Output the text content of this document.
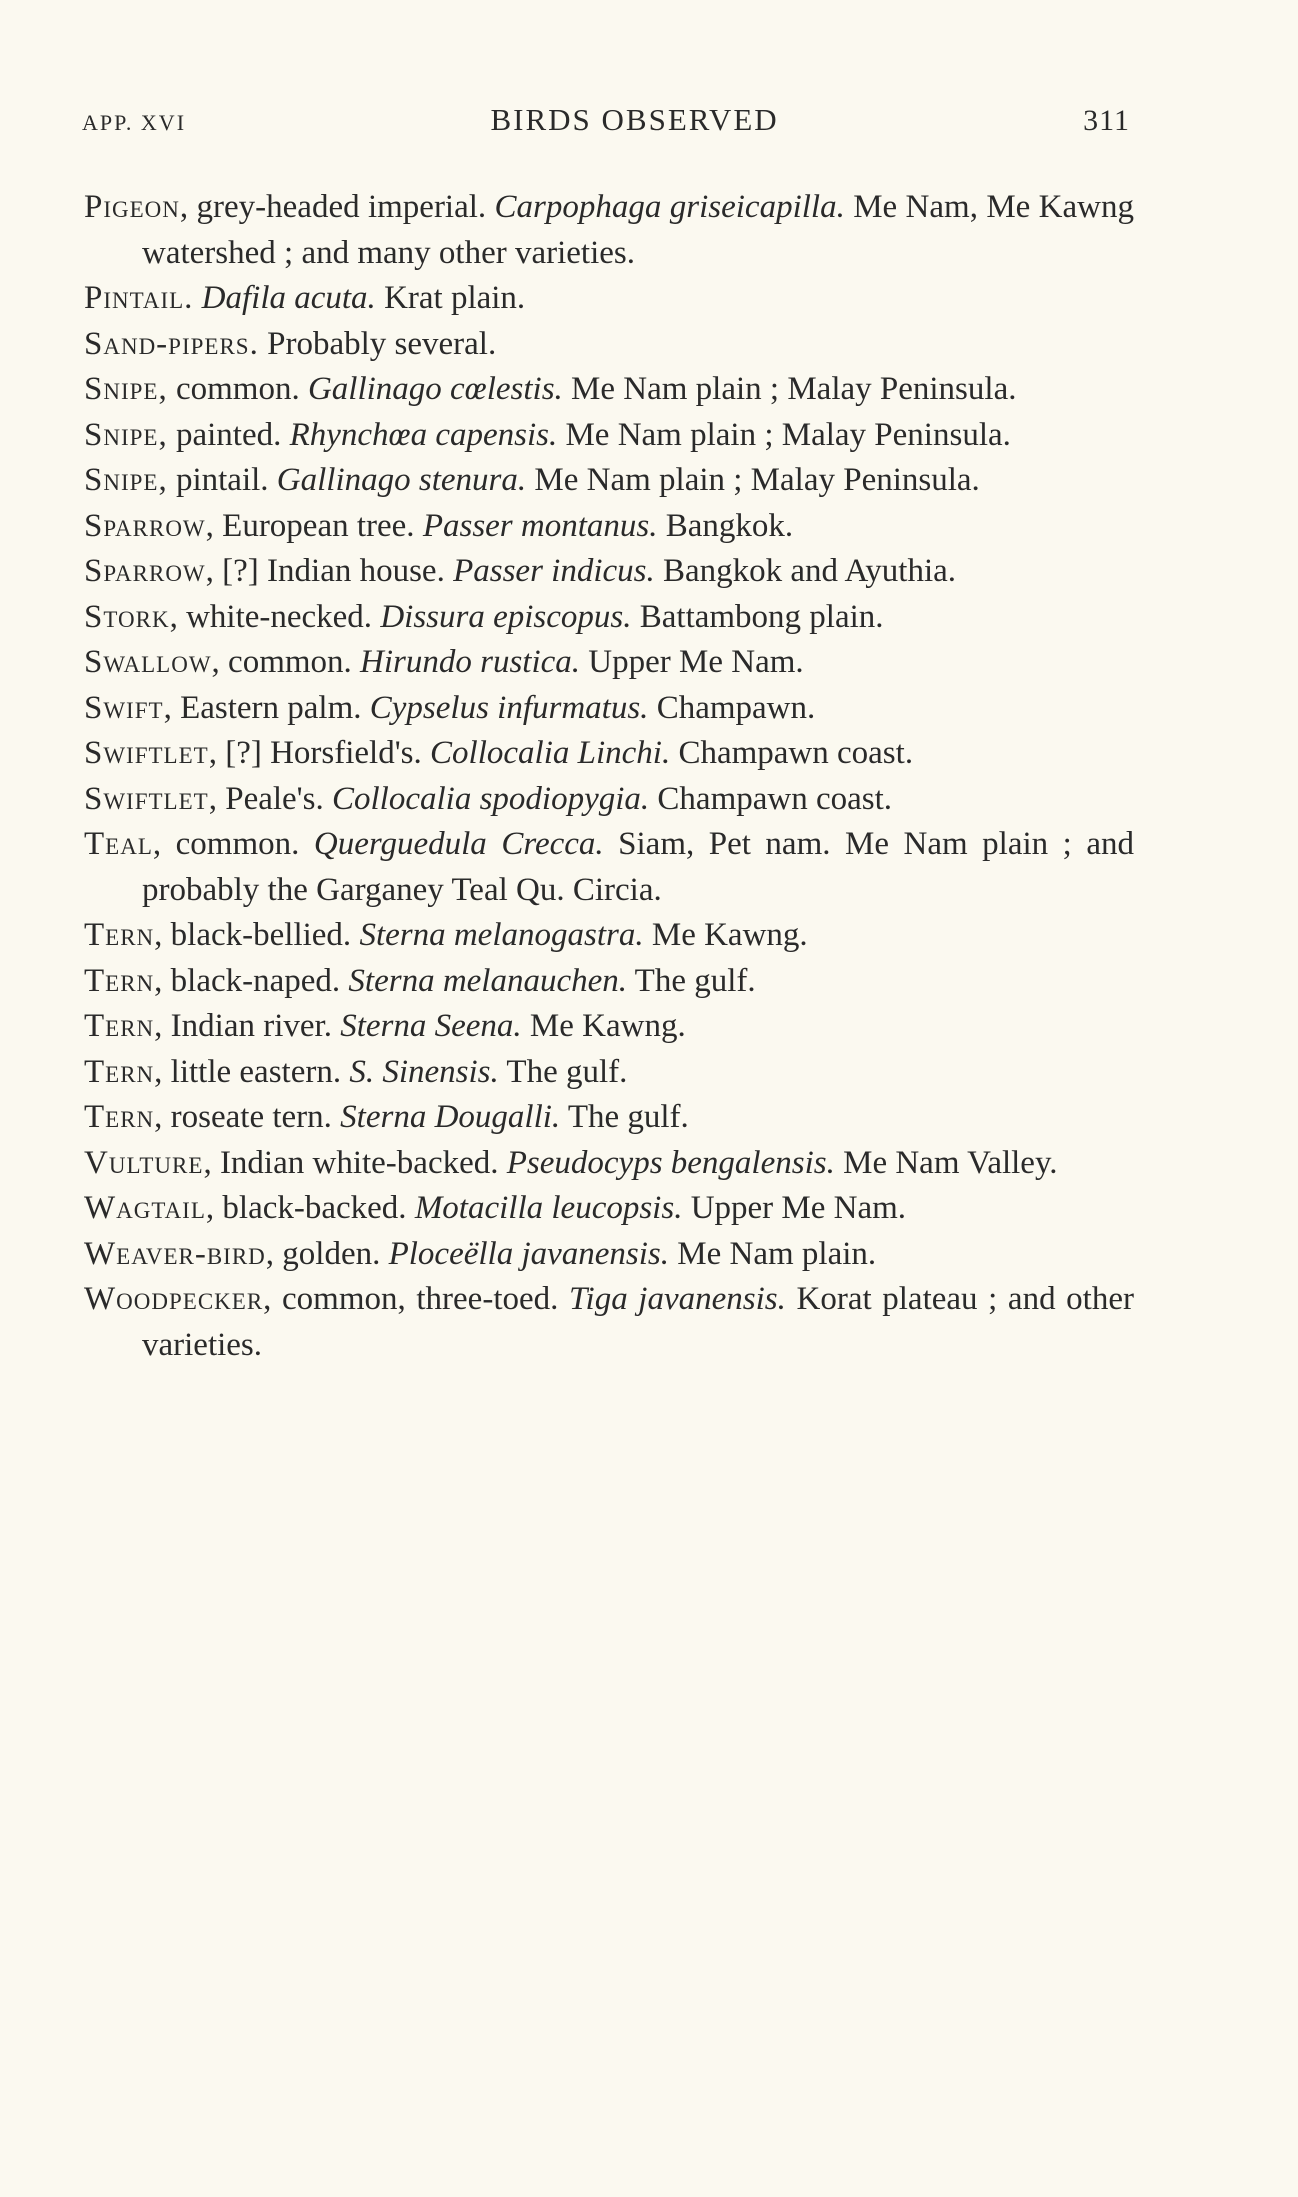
APP. XVI	BIRDS OBSERVED	311

Pigeon, grey-headed imperial. Carpophaga griseicapilla. Me Nam, Me Kawng watershed ; and many other varieties.

Pintail. Dafila acuta. Krat plain.

Sand-pipers. Probably several.

Snipe, common. Gallinago cœlestis. Me Nam plain ; Malay Peninsula.

Snipe, painted. Rhynchœa capensis. Me Nam plain ; Malay Peninsula.

Snipe, pintail. Gallinago stenura. Me Nam plain ; Malay Peninsula.

Sparrow, European tree. Passer montanus. Bangkok.

Sparrow, [?] Indian house. Passer indicus. Bangkok and Ayuthia.

Stork, white-necked. Dissura episcopus. Battambong plain.

Swallow, common. Hirundo rustica. Upper Me Nam.

Swift, Eastern palm. Cypselus infurmatus. Champawn.

Swiftlet, [?] Horsfield's. Collocalia Linchi. Champawn coast.

Swiftlet, Peale's. Collocalia spodiopygia. Champawn coast.

Teal, common. Querguedula Crecca. Siam, Pet nam. Me Nam plain ; and probably the Garganey Teal Qu. Circia.

Tern, black-bellied. Sterna melanogastra. Me Kawng.

Tern, black-naped. Sterna melanauchen. The gulf.

Tern, Indian river. Sterna Seena. Me Kawng.

Tern, little eastern. S. Sinensis. The gulf.

Tern, roseate tern. Sterna Dougalli. The gulf.

Vulture, Indian white-backed. Pseudocyps bengalensis. Me Nam Valley.

Wagtail, black-backed. Motacilla leucopsis. Upper Me Nam.

Weaver-bird, golden. Ploceëlla javanensis. Me Nam plain.

Woodpecker, common, three-toed. Tiga javanensis. Korat plateau ; and other varieties.
